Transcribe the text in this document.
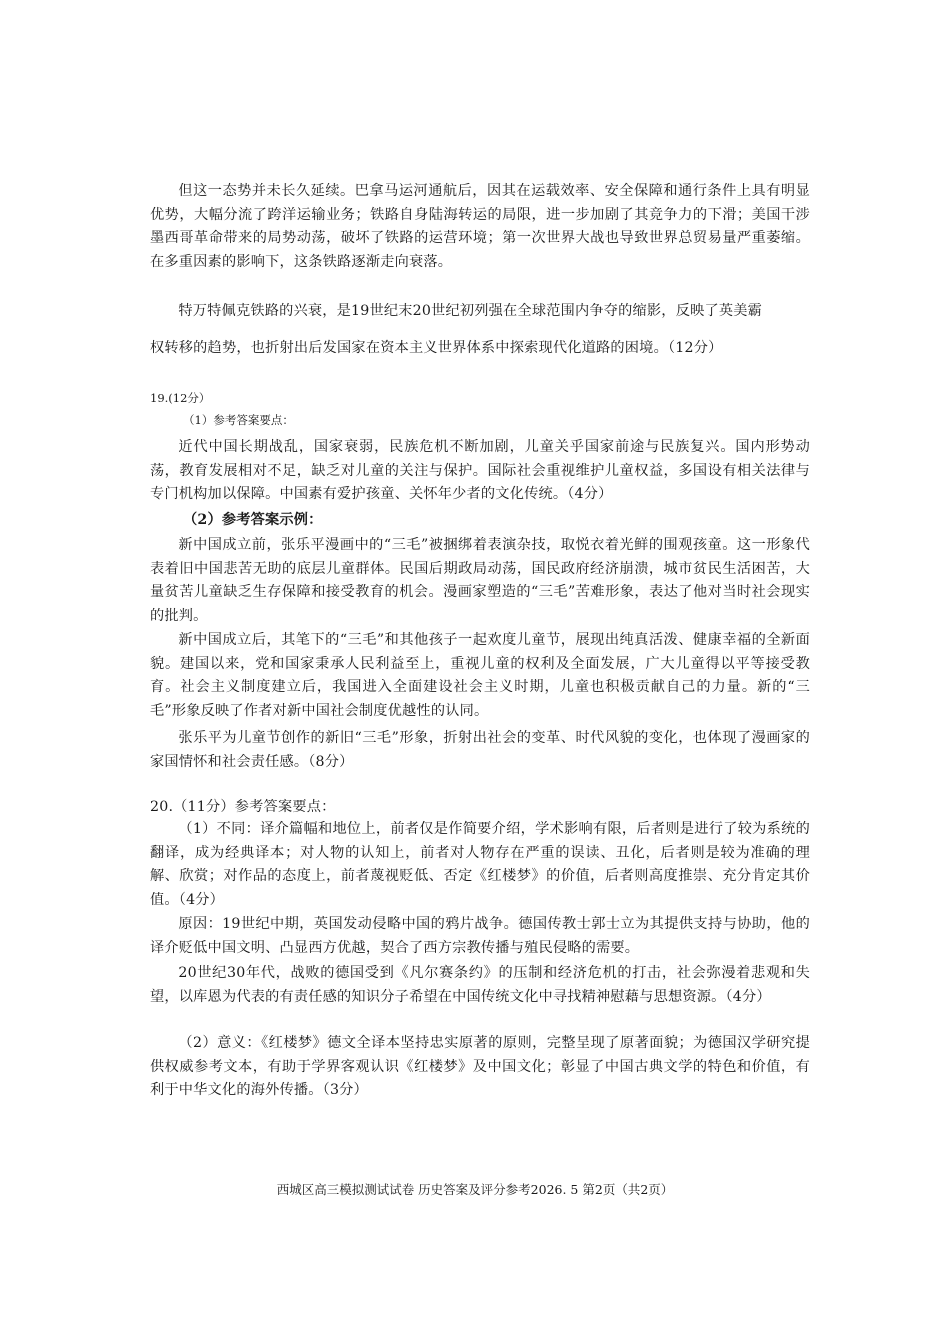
但这一态势并未长久延续。巴拿马运河通航后，因其在运载效率、安全保障和通行条件上具有明显优势，大幅分流了跨洋运输业务；铁路自身陆海转运的局限，进一步加剧了其竞争力的下滑；美国干涉墨西哥革命带来的局势动荡，破坏了铁路的运营环境；第一次世界大战也导致世界总贸易量严重萎缩。在多重因素的影响下，这条铁路逐渐走向衰落。

特万特佩克铁路的兴衰，是19世纪末20世纪初列强在全球范围内争夺的缩影，反映了英美霸

权转移的趋势，也折射出后发国家在资本主义世界体系中探索现代化道路的困境。（12分）

19.(12分）
（1）参考答案要点：

近代中国长期战乱，国家衰弱，民族危机不断加剧，儿童关乎国家前途与民族复兴。国内形势动荡，教育发展相对不足，缺乏对儿童的关注与保护。国际社会重视维护儿童权益，多国设有相关法律与专门机构加以保障。中国素有爱护孩童、关怀年少者的文化传统。（4分）

（2）参考答案示例：

新中国成立前，张乐平漫画中的“三毛”被捆绑着表演杂技，取悦衣着光鲜的围观孩童。这一形象代表着旧中国悲苦无助的底层儿童群体。民国后期政局动荡，国民政府经济崩溃，城市贫民生活困苦，大量贫苦儿童缺乏生存保障和接受教育的机会。漫画家塑造的“三毛”苦难形象，表达了他对当时社会现实的批判。

新中国成立后，其笔下的“三毛”和其他孩子一起欢度儿童节，展现出纯真活泼、健康幸福的全新面貌。建国以来，党和国家秉承人民利益至上，重视儿童的权利及全面发展，广大儿童得以平等接受教育。社会主义制度建立后，我国进入全面建设社会主义时期，儿童也积极贡献自己的力量。新的“三毛”形象反映了作者对新中国社会制度优越性的认同。

张乐平为儿童节创作的新旧“三毛”形象，折射出社会的变革、时代风貌的变化，也体现了漫画家的家国情怀和社会责任感。（8分）

20.（11分）参考答案要点：

（1）不同：译介篇幅和地位上，前者仅是作简要介绍，学术影响有限，后者则是进行了较为系统的翻译，成为经典译本；对人物的认知上，前者对人物存在严重的误读、丑化，后者则是较为准确的理解、欣赏；对作品的态度上，前者蔑视贬低、否定《红楼梦》的价值，后者则高度推崇、充分肯定其价值。（4分）

原因：19世纪中期，英国发动侵略中国的鸦片战争。德国传教士郭士立为其提供支持与协助，他的译介贬低中国文明、凸显西方优越，契合了西方宗教传播与殖民侵略的需要。

20世纪30年代，战败的德国受到《凡尔赛条约》的压制和经济危机的打击，社会弥漫着悲观和失望，以库恩为代表的有责任感的知识分子希望在中国传统文化中寻找精神慰藉与思想资源。（4分）

（2）意义：《红楼梦》德文全译本坚持忠实原著的原则，完整呈现了原著面貌；为德国汉学研究提供权威参考文本，有助于学界客观认识《红楼梦》及中国文化；彰显了中国古典文学的特色和价值，有利于中华文化的海外传播。（3分）

西城区高三模拟测试试卷 历史答案及评分参考2026. 5 第2页（共2页）
